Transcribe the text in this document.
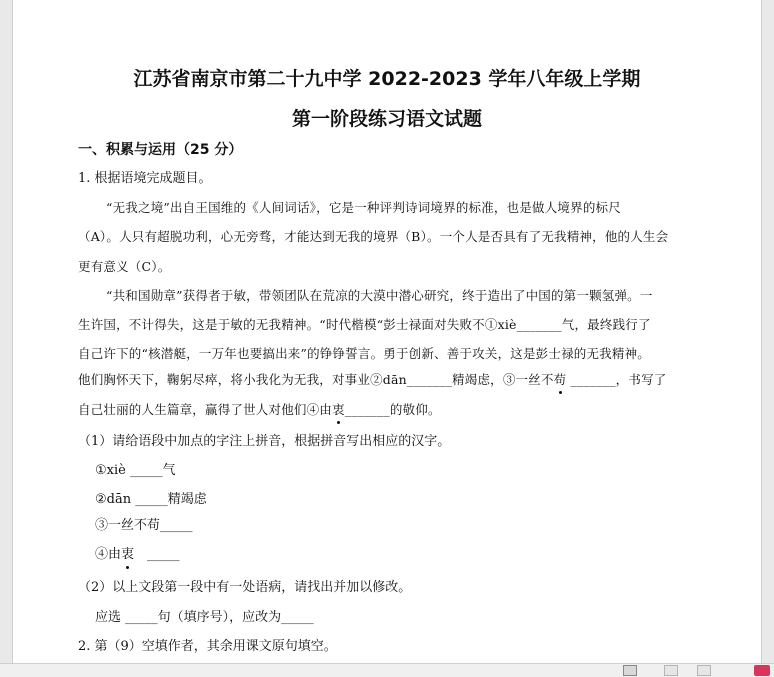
江苏省南京市第二十九中学 2022-2023 学年八年级上学期
第一阶段练习语文试题
一、积累与运用（25 分）
1. 根据语境完成题目。
“无我之境”出自王国维的《人间词话》，它是一种评判诗词境界的标准，也是做人境界的标尺
（A）。人只有超脱功利，心无旁骛，才能达到无我的境界（B）。一个人是否具有了无我精神，他的人生会
更有意义（C）。
“共和国勋章”获得者于敏，带领团队在荒凉的大漠中潜心研究，终于造出了中国的第一颗氢弹。一
生许国，不计得失，这是于敏的无我精神。“时代楷模“彭士禄面对失败不①xiè_______气，最终践行了
自己许下的“核潜艇，一万年也要搞出来”的铮铮誓言。勇于创新、善于攻关，这是彭士禄的无我精神。
他们胸怀天下，鞠躬尽瘁，将小我化为无我，对事业②dān_______精竭虑，③一丝不苟 _______，书写了
自己壮丽的人生篇章，赢得了世人对他们④由衷_______的敬仰。
（1）请给语段中加点的字注上拼音，根据拼音写出相应的汉字。
①xiè _____气
②dān _____精竭虑
③一丝不苟_____
④由衷　_____
（2）以上文段第一段中有一处语病，请找出并加以修改。
应选 _____句（填序号），应改为_____
2. 第（9）空填作者，其余用课文原句填空。
